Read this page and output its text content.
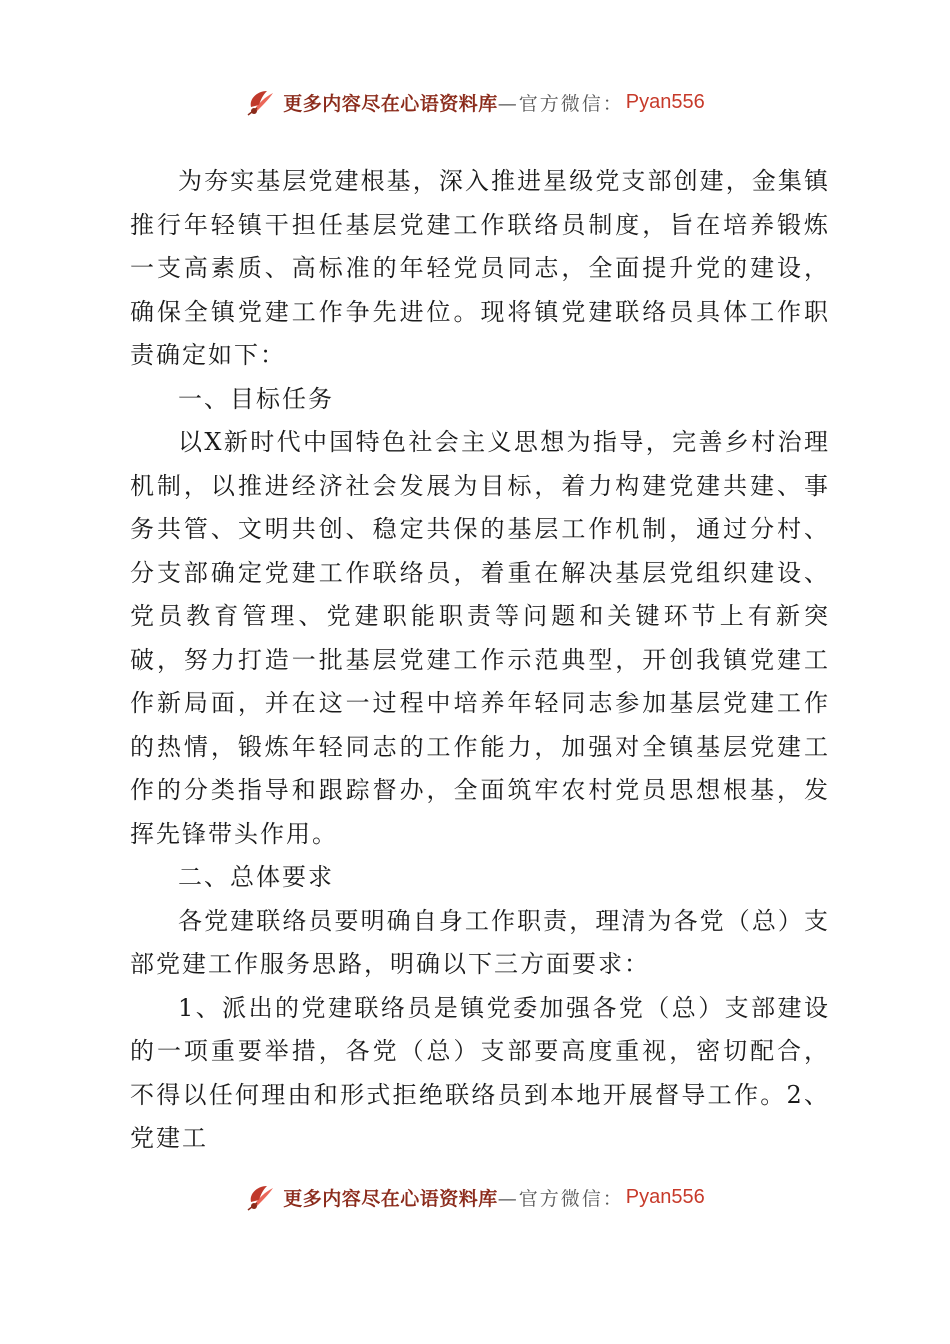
更多内容尽在心语资料库 —官方微信： Pyan556

为夯实基层党建根基，深入推进星级党支部创建，金集镇推行年轻镇干担任基层党建工作联络员制度，旨在培养锻炼一支高素质、高标准的年轻党员同志，全面提升党的建设，确保全镇党建工作争先进位。现将镇党建联络员具体工作职责确定如下：

一、目标任务

以X新时代中国特色社会主义思想为指导，完善乡村治理机制，以推进经济社会发展为目标，着力构建党建共建、事务共管、文明共创、稳定共保的基层工作机制，通过分村、分支部确定党建工作联络员，着重在解决基层党组织建设、党员教育管理、党建职能职责等问题和关键环节上有新突破，努力打造一批基层党建工作示范典型，开创我镇党建工作新局面，并在这一过程中培养年轻同志参加基层党建工作的热情，锻炼年轻同志的工作能力，加强对全镇基层党建工作的分类指导和跟踪督办，全面筑牢农村党员思想根基，发挥先锋带头作用。

二、总体要求

各党建联络员要明确自身工作职责，理清为各党（总）支部党建工作服务思路，明确以下三方面要求：

1、派出的党建联络员是镇党委加强各党（总）支部建设的一项重要举措，各党（总）支部要高度重视，密切配合，不得以任何理由和形式拒绝联络员到本地开展督导工作。2、党建工

更多内容尽在心语资料库 —官方微信： Pyan556
